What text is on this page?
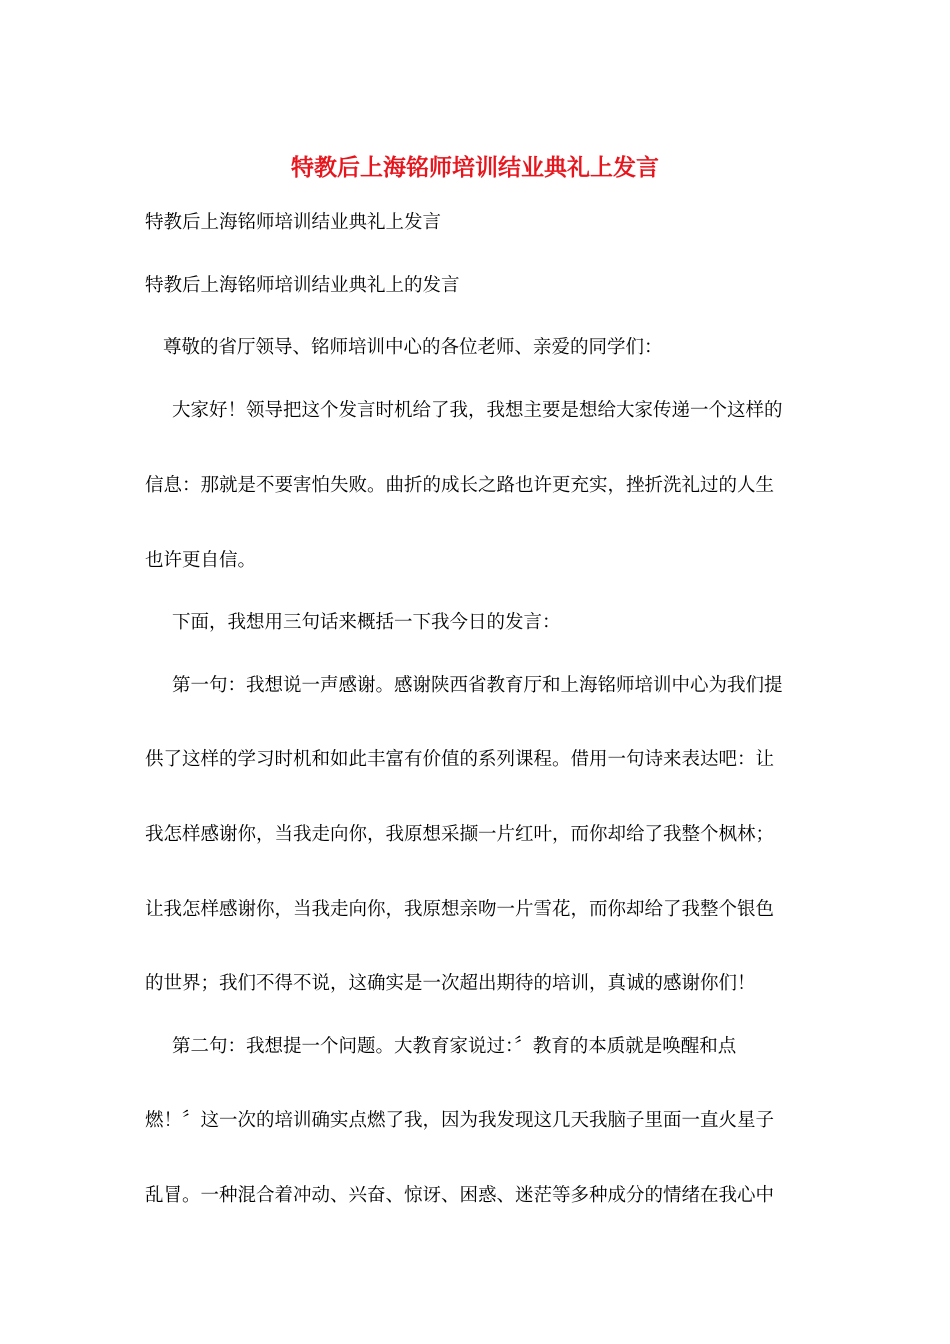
特教后上海铭师培训结业典礼上发言
特教后上海铭师培训结业典礼上发言
特教后上海铭师培训结业典礼上的发言
尊敬的省厅领导、铭师培训中心的各位老师、亲爱的同学们：
大家好！领导把这个发言时机给了我，我想主要是想给大家传递一个这样的
信息：那就是不要害怕失败。曲折的成长之路也许更充实，挫折洗礼过的人生
也许更自信。
下面，我想用三句话来概括一下我今日的发言：
第一句：我想说一声感谢。感谢陕西省教育厅和上海铭师培训中心为我们提
供了这样的学习时机和如此丰富有价值的系列课程。借用一句诗来表达吧：让
我怎样感谢你，当我走向你，我原想采撷一片红叶，而你却给了我整个枫林；
让我怎样感谢你，当我走向你，我原想亲吻一片雪花，而你却给了我整个银色
的世界；我们不得不说，这确实是一次超出期待的培训，真诚的感谢你们！
第二句：我想提一个问题。大教育家说过：〞教育的本质就是唤醒和点
燃！〞这一次的培训确实点燃了我，因为我发现这几天我脑子里面一直火星子
乱冒。一种混合着冲动、兴奋、惊讶、困惑、迷茫等多种成分的情绪在我心中
